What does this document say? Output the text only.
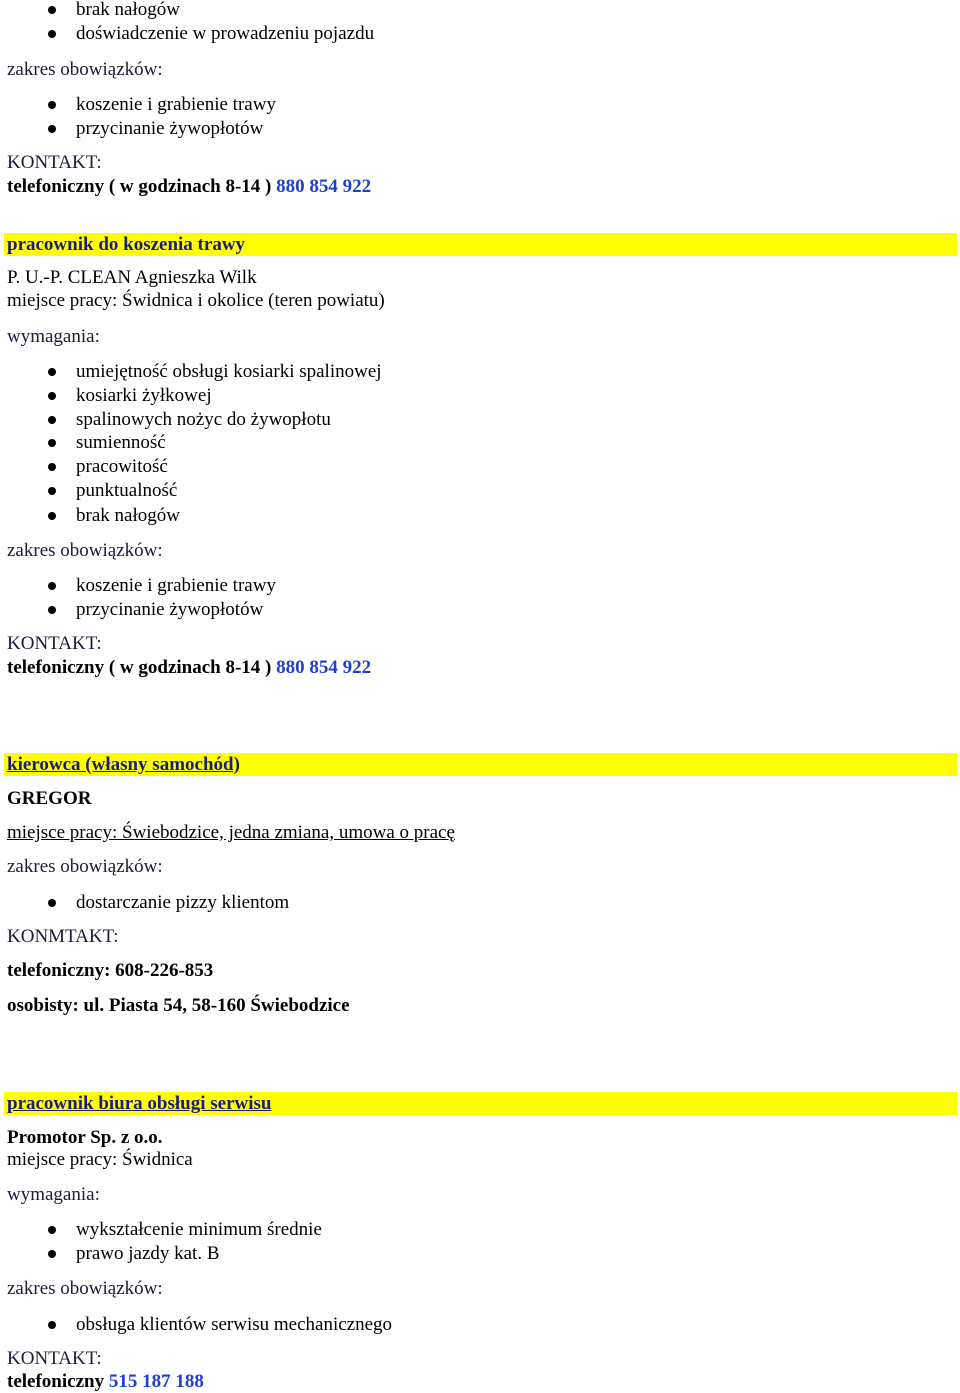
brak nałogów
doświadczenie w prowadzeniu pojazdu
zakres obowiązków:
koszenie i grabienie trawy
przycinanie żywopłotów
KONTAKT:
telefoniczny ( w godzinach 8-14 ) 880 854 922
pracownik do koszenia trawy
P. U.-P. CLEAN Agnieszka Wilk
miejsce pracy: Świdnica i okolice (teren powiatu)
wymagania:
umiejętność obsługi kosiarki spalinowej
kosiarki żyłkowej
spalinowych nożyc do żywopłotu
sumienność
pracowitość
punktualność
brak nałogów
zakres obowiązków:
koszenie i grabienie trawy
przycinanie żywopłotów
KONTAKT:
telefoniczny ( w godzinach 8-14 ) 880 854 922
kierowca (własny samochód)
GREGOR
miejsce pracy: Świebodzice, jedna zmiana, umowa o pracę
zakres obowiązków:
dostarczanie pizzy klientom
KONMTAKT:
telefoniczny: 608-226-853
osobisty: ul. Piasta 54, 58-160 Świebodzice
pracownik biura obsługi serwisu
Promotor Sp. z o.o.
miejsce pracy: Świdnica
wymagania:
wykształcenie minimum średnie
prawo jazdy kat. B
zakres obowiązków:
obsługa klientów serwisu mechanicznego
KONTAKT:
telefoniczny 515 187 188
